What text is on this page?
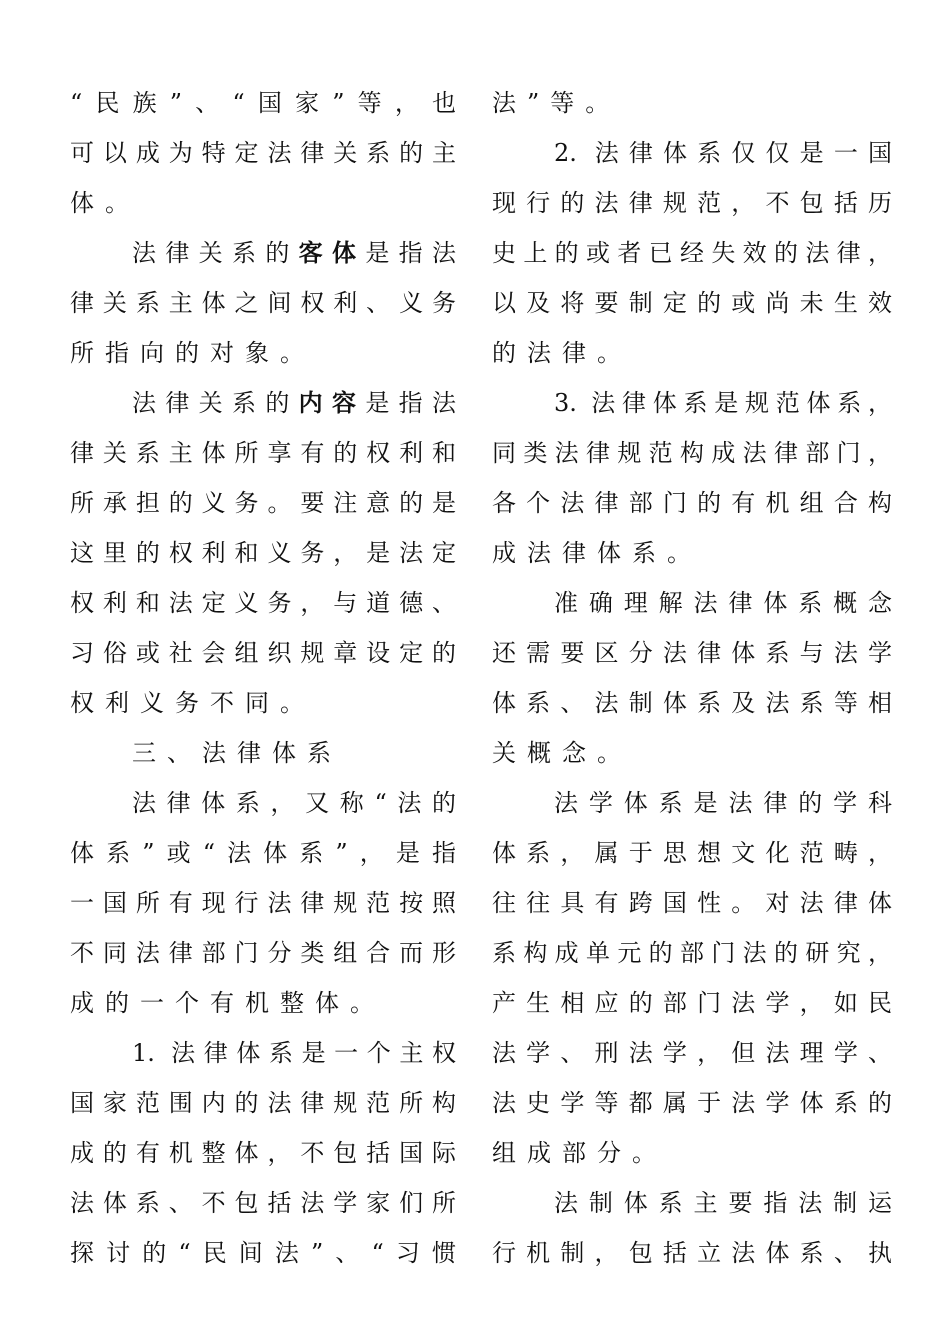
“民族”、“国家”等，也
可以成为特定法律关系的主
体。
法律关系的客体是指法
律关系主体之间权利、义务
所指向的对象。
法律关系的内容是指法
律关系主体所享有的权利和
所承担的义务。要注意的是
这里的权利和义务，是法定
权利和法定义务，与道德、
习俗或社会组织规章设定的
权利义务不同。
三、法律体系
法律体系，又称“法的
体系”或“法体系”，是指
一国所有现行法律规范按照
不同法律部门分类组合而形
成的一个有机整体。
1. 法律体系是一个主权
国家范围内的法律规范所构
成的有机整体，不包括国际
法体系、不包括法学家们所
探讨的“民间法”、“习惯
法”等。
2. 法律体系仅仅是一国
现行的法律规范，不包括历
史上的或者已经失效的法律，
以及将要制定的或尚未生效
的法律。
3. 法律体系是规范体系，
同类法律规范构成法律部门，
各个法律部门的有机组合构
成法律体系。
准确理解法律体系概念
还需要区分法律体系与法学
体系、法制体系及法系等相
关概念。
法学体系是法律的学科
体系，属于思想文化范畴，
往往具有跨国性。对法律体
系构成单元的部门法的研究，
产生相应的部门法学，如民
法学、刑法学，但法理学、
法史学等都属于法学体系的
组成部分。
法制体系主要指法制运
行机制，包括立法体系、执
